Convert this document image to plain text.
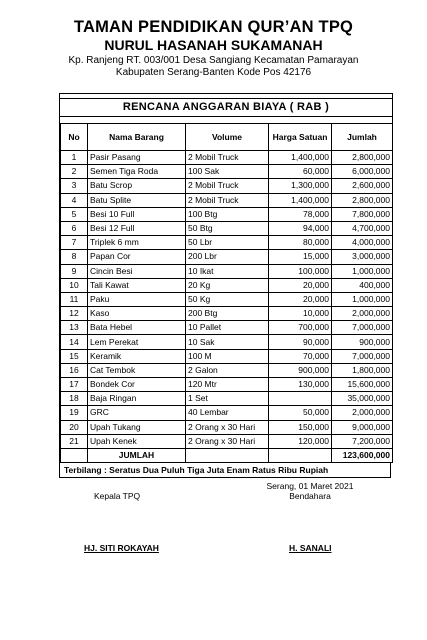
TAMAN PENDIDIKAN QUR’AN TPQ
NURUL HASANAH SUKAMANAH
Kp. Ranjeng RT. 003/001 Desa Sangiang Kecamatan Pamarayan
Kabupaten Serang-Banten Kode Pos 42176
RENCANA ANGGARAN BIAYA ( RAB )
No	Nama Barang	Volume	Harga Satuan	Jumlah
1	Pasir Pasang	2 Mobil Truck	1,400,000	2,800,000
2	Semen Tiga Roda	100 Sak	60,000	6,000,000
3	Batu Scrop	2 Mobil Truck	1,300,000	2,600,000
4	Batu Splite	2 Mobil Truck	1,400,000	2,800,000
5	Besi 10 Full	100 Btg	78,000	7,800,000
6	Besi 12 Full	50 Btg	94,000	4,700,000
7	Triplek 6 mm	50 Lbr	80,000	4,000,000
8	Papan Cor	200 Lbr	15,000	3,000,000
9	Cincin Besi	10 Ikat	100,000	1,000,000
10	Tali Kawat	20 Kg	20,000	400,000
11	Paku	50 Kg	20,000	1,000,000
12	Kaso	200 Btg	10,000	2,000,000
13	Bata Hebel	10 Pallet	700,000	7,000,000
14	Lem Perekat	10 Sak	90,000	900,000
15	Keramik	100 M	70,000	7,000,000
16	Cat Tembok	2 Galon	900,000	1,800,000
17	Bondek Cor	120 Mtr	130,000	15,600,000
18	Baja Ringan	1 Set		35,000,000
19	GRC	40 Lembar	50,000	2,000,000
20	Upah Tukang	2 Orang x 30 Hari	150,000	9,000,000
21	Upah Kenek	2 Orang x 30 Hari	120,000	7,200,000
	JUMLAH			123,600,000
Terbilang : Seratus Dua Puluh Tiga Juta Enam Ratus Ribu Rupiah
Serang, 01 Maret 2021
Bendahara
Kepala TPQ
HJ. SITI ROKAYAH	H. SANALI
